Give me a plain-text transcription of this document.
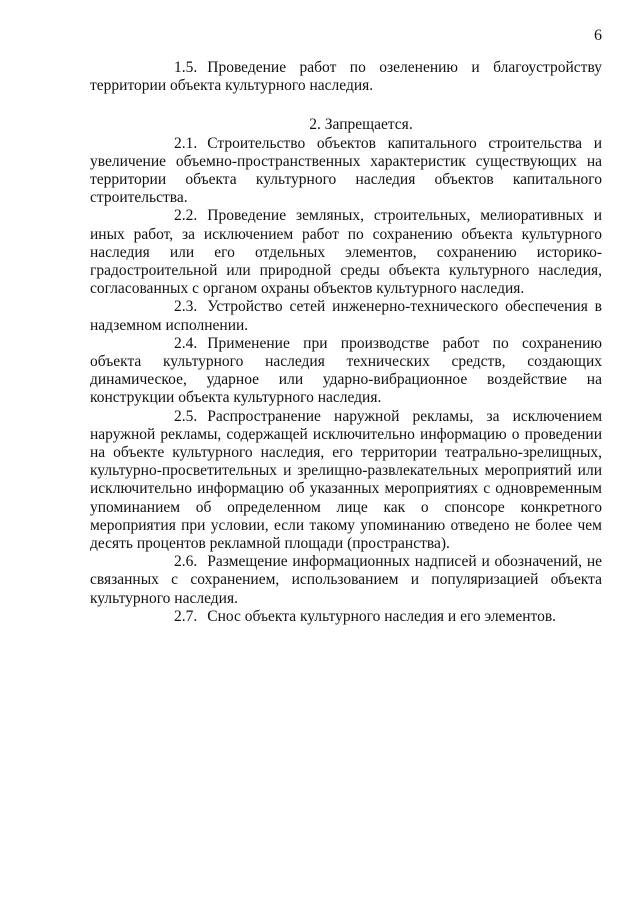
6

1.5. Проведение работ по озеленению и благоустройству территории объекта культурного наследия.

2. Запрещается.

2.1. Строительство объектов капитального строительства и увеличение объемно-пространственных характеристик существующих на территории объекта культурного наследия объектов капитального строительства.

2.2. Проведение земляных, строительных, мелиоративных и иных работ, за исключением работ по сохранению объекта культурного наследия или его отдельных элементов, сохранению историко-градостроительной или природной среды объекта культурного наследия, согласованных с органом охраны объектов культурного наследия.

2.3. Устройство сетей инженерно-технического обеспечения в надземном исполнении.

2.4. Применение при производстве работ по сохранению объекта культурного наследия технических средств, создающих динамическое, ударное или ударно-вибрационное воздействие на конструкции объекта культурного наследия.

2.5. Распространение наружной рекламы, за исключением наружной рекламы, содержащей исключительно информацию о проведении на объекте культурного наследия, его территории театрально-зрелищных, культурно-просветительных и зрелищно-развлекательных мероприятий или исключительно информацию об указанных мероприятиях с одновременным упоминанием об определенном лице как о спонсоре конкретного мероприятия при условии, если такому упоминанию отведено не более чем десять процентов рекламной площади (пространства).

2.6. Размещение информационных надписей и обозначений, не связанных с сохранением, использованием и популяризацией объекта культурного наследия.

2.7. Снос объекта культурного наследия и его элементов.
